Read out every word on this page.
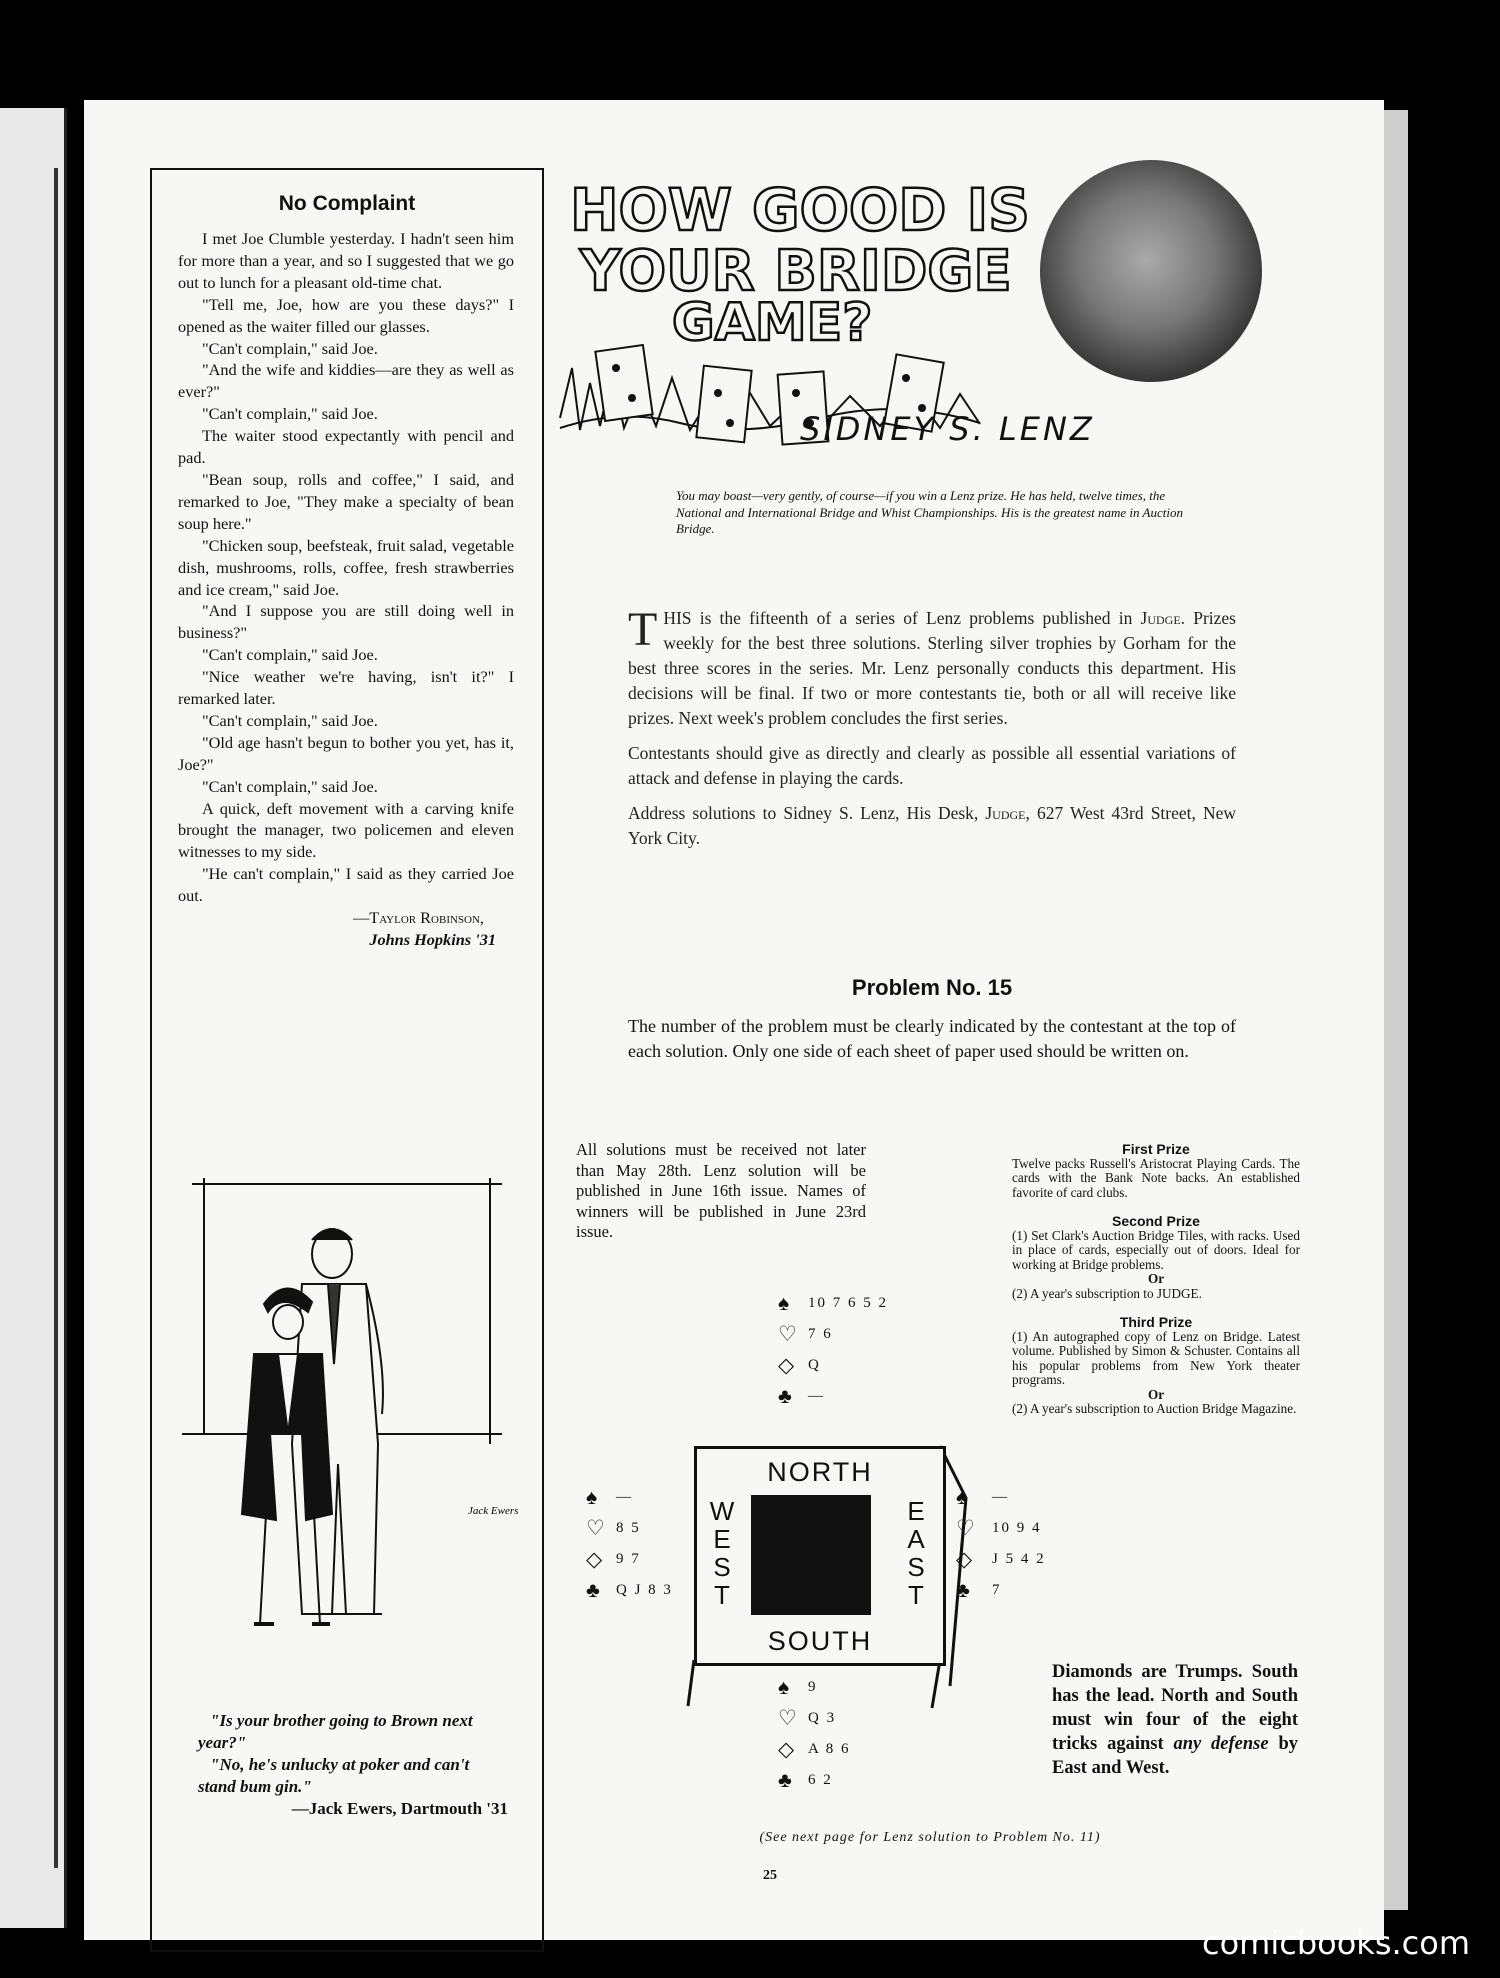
No Complaint

I met Joe Clumble yesterday. I hadn't seen him for more than a year, and so I suggested that we go out to lunch for a pleasant old-time chat.

"Tell me, Joe, how are you these days?" I opened as the waiter filled our glasses.

"Can't complain," said Joe.

"And the wife and kiddies—are they as well as ever?"

"Can't complain," said Joe.

The waiter stood expectantly with pencil and pad.

"Bean soup, rolls and coffee," I said, and remarked to Joe, "They make a specialty of bean soup here."

"Chicken soup, beefsteak, fruit salad, vegetable dish, mushrooms, rolls, coffee, fresh strawberries and ice cream," said Joe.

"And I suppose you are still doing well in business?"

"Can't complain," said Joe.

"Nice weather we're having, isn't it?" I remarked later.

"Can't complain," said Joe.

"Old age hasn't begun to bother you yet, has it, Joe?"

"Can't complain," said Joe.

A quick, deft movement with a carving knife brought the manager, two policemen and eleven witnesses to my side.

"He can't complain," I said as they carried Joe out.

—Taylor Robinson,

Johns Hopkins '31

Jack Ewers

"Is your brother going to Brown next year?"

"No, he's unlucky at poker and can't stand bum gin."

—Jack Ewers, Dartmouth '31

HOW GOOD IS
YOUR BRIDGE
GAME?
SIDNEY S. LENZ
You may boast—very gently, of course—if you win a Lenz prize. He has held, twelve times, the National and International Bridge and Whist Championships. His is the greatest name in Auction Bridge.

THIS is the fifteenth of a series of Lenz problems published in Judge. Prizes weekly for the best three solutions. Sterling silver trophies by Gorham for the best three scores in the series. Mr. Lenz personally conducts this department. His decisions will be final. If two or more contestants tie, both or all will receive like prizes. Next week's problem concludes the first series.

Contestants should give as directly and clearly as possible all essential variations of attack and defense in playing the cards.

Address solutions to Sidney S. Lenz, His Desk, Judge, 627 West 43rd Street, New York City.

Problem No. 15

The number of the problem must be clearly indicated by the contestant at the top of each solution. Only one side of each sheet of paper used should be written on.

All solutions must be received not later than May 28th. Lenz solution will be published in June 16th issue. Names of winners will be published in June 23rd issue.

First Prize

Twelve packs Russell's Aristocrat Playing Cards. The cards with the Bank Note backs. An established favorite of card clubs.

Second Prize

(1) Set Clark's Auction Bridge Tiles, with racks. Used in place of cards, especially out of doors. Ideal for working at Bridge problems.

Or

(2) A year's subscription to JUDGE.

Third Prize

(1) An autographed copy of Lenz on Bridge. Latest volume. Published by Simon & Schuster. Contains all his popular problems from New York theater programs.

Or

(2) A year's subscription to Auction Bridge Magazine.

♠	10 7 6 5 2
♡ 7 6
◇ Q
♣ —
♠	—
♡ 8 5
◇ 9 7
♣ Q J 8 3
♠	—
♡	10 9 4
◇	J 5 4 2
♣	7
♠	9
♡ Q 3
◇ A 8 6
♣ 6 2
NORTH
WEST
EAST
SOUTH

Diamonds are Trumps. South has the lead. North and South must win four of the eight tricks against any defense by East and West.

(See next page for Lenz solution to Problem No. 11)
25
comicbooks.com
